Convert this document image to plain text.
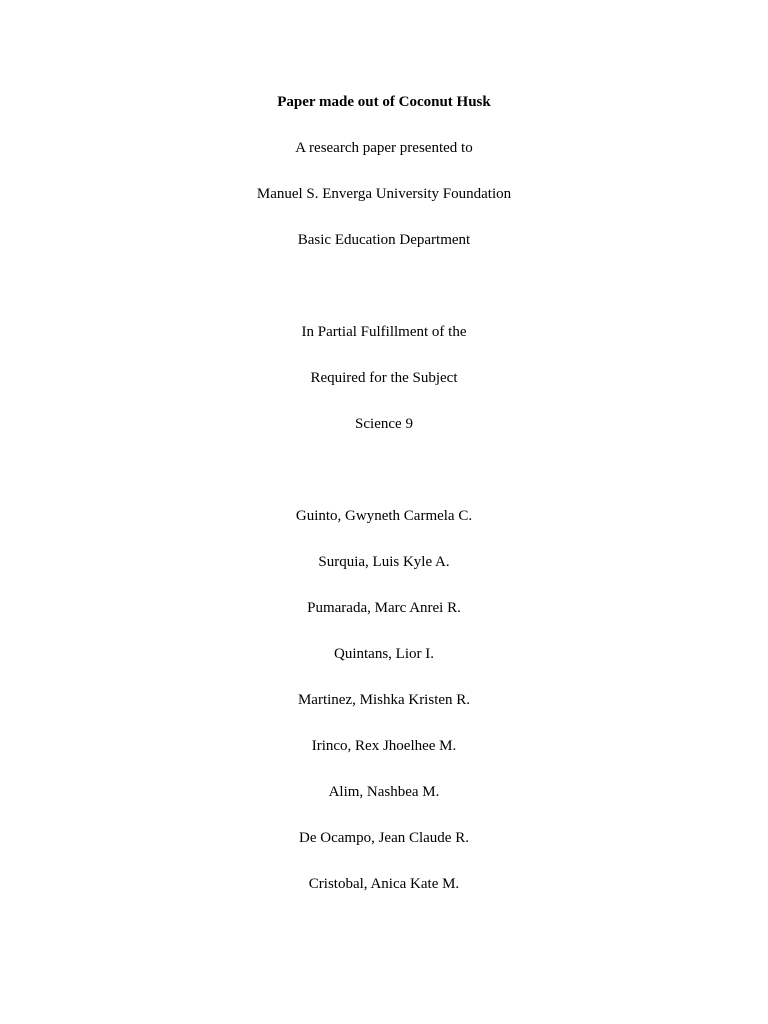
Paper made out of Coconut Husk
A research paper presented to
Manuel S. Enverga University Foundation
Basic Education Department
In Partial Fulfillment of the
Required for the Subject
Science 9
Guinto, Gwyneth Carmela C.
Surquia, Luis Kyle A.
Pumarada, Marc Anrei R.
Quintans, Lior I.
Martinez, Mishka Kristen R.
Irinco, Rex Jhoelhee M.
Alim, Nashbea M.
De Ocampo, Jean Claude R.
Cristobal, Anica Kate M.
